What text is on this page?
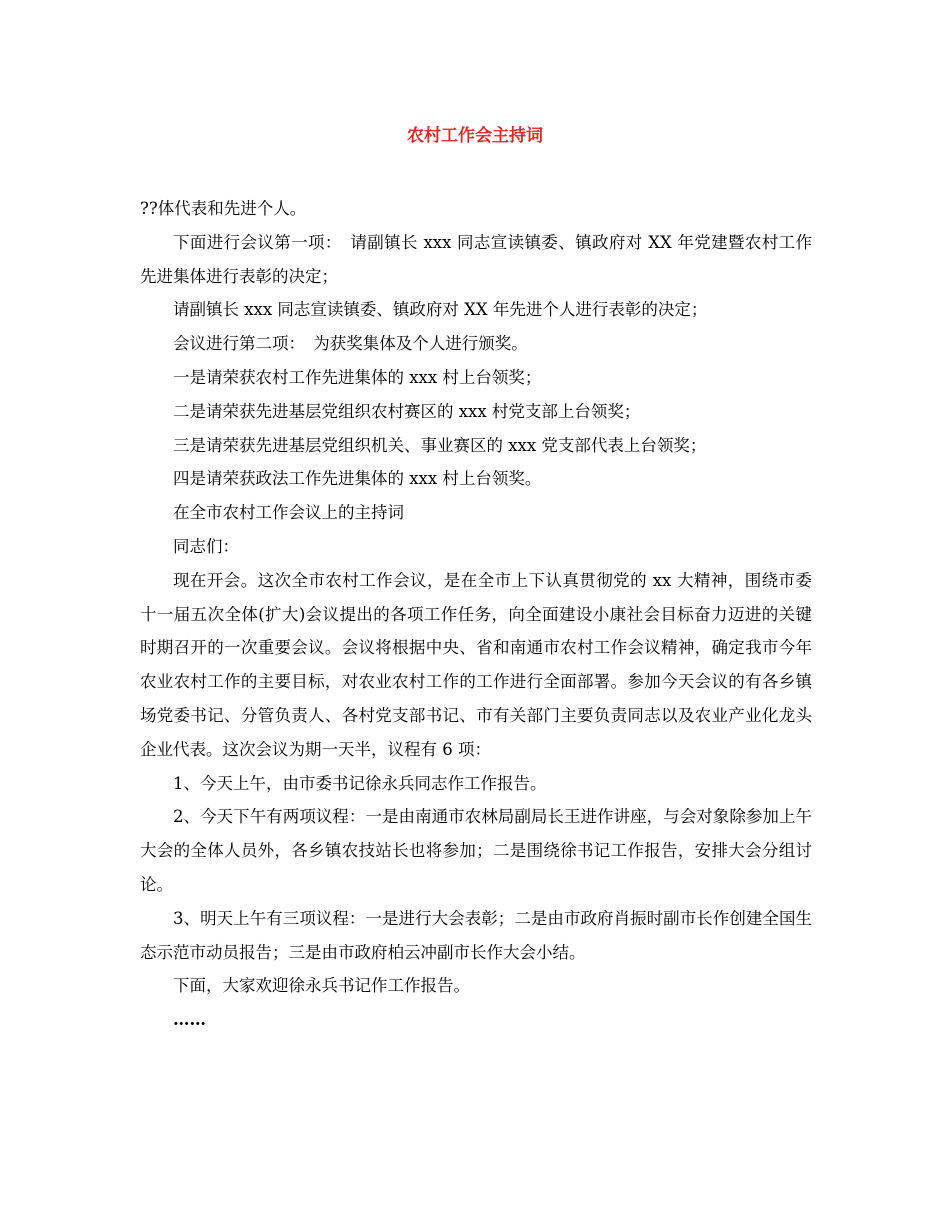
农村工作会主持词

??体代表和先进个人。

下面进行会议第一项：　请副镇长 xxx 同志宣读镇委、镇政府对 XX 年党建暨农村工作先进集体进行表彰的决定；

请副镇长 xxx 同志宣读镇委、镇政府对 XX 年先进个人进行表彰的决定；

会议进行第二项：　为获奖集体及个人进行颁奖。

一是请荣获农村工作先进集体的 xxx 村上台领奖；

二是请荣获先进基层党组织农村赛区的 xxx 村党支部上台领奖；

三是请荣获先进基层党组织机关、事业赛区的 xxx 党支部代表上台领奖；

四是请荣获政法工作先进集体的 xxx 村上台领奖。

在全市农村工作会议上的主持词

同志们：

现在开会。这次全市农村工作会议，是在全市上下认真贯彻党的 xx 大精神，围绕市委十一届五次全体(扩大)会议提出的各项工作任务，向全面建设小康社会目标奋力迈进的关键时期召开的一次重要会议。会议将根据中央、省和南通市农村工作会议精神，确定我市今年农业农村工作的主要目标，对农业农村工作的工作进行全面部署。参加今天会议的有各乡镇场党委书记、分管负责人、各村党支部书记、市有关部门主要负责同志以及农业产业化龙头企业代表。这次会议为期一天半，议程有 6 项：

1、今天上午，由市委书记徐永兵同志作工作报告。

2、今天下午有两项议程：一是由南通市农林局副局长王进作讲座，与会对象除参加上午大会的全体人员外，各乡镇农技站长也将参加；二是围绕徐书记工作报告，安排大会分组讨论。

3、明天上午有三项议程：一是进行大会表彰；二是由市政府肖振时副市长作创建全国生态示范市动员报告；三是由市政府柏云冲副市长作大会小结。

下面，大家欢迎徐永兵书记作工作报告。

……
